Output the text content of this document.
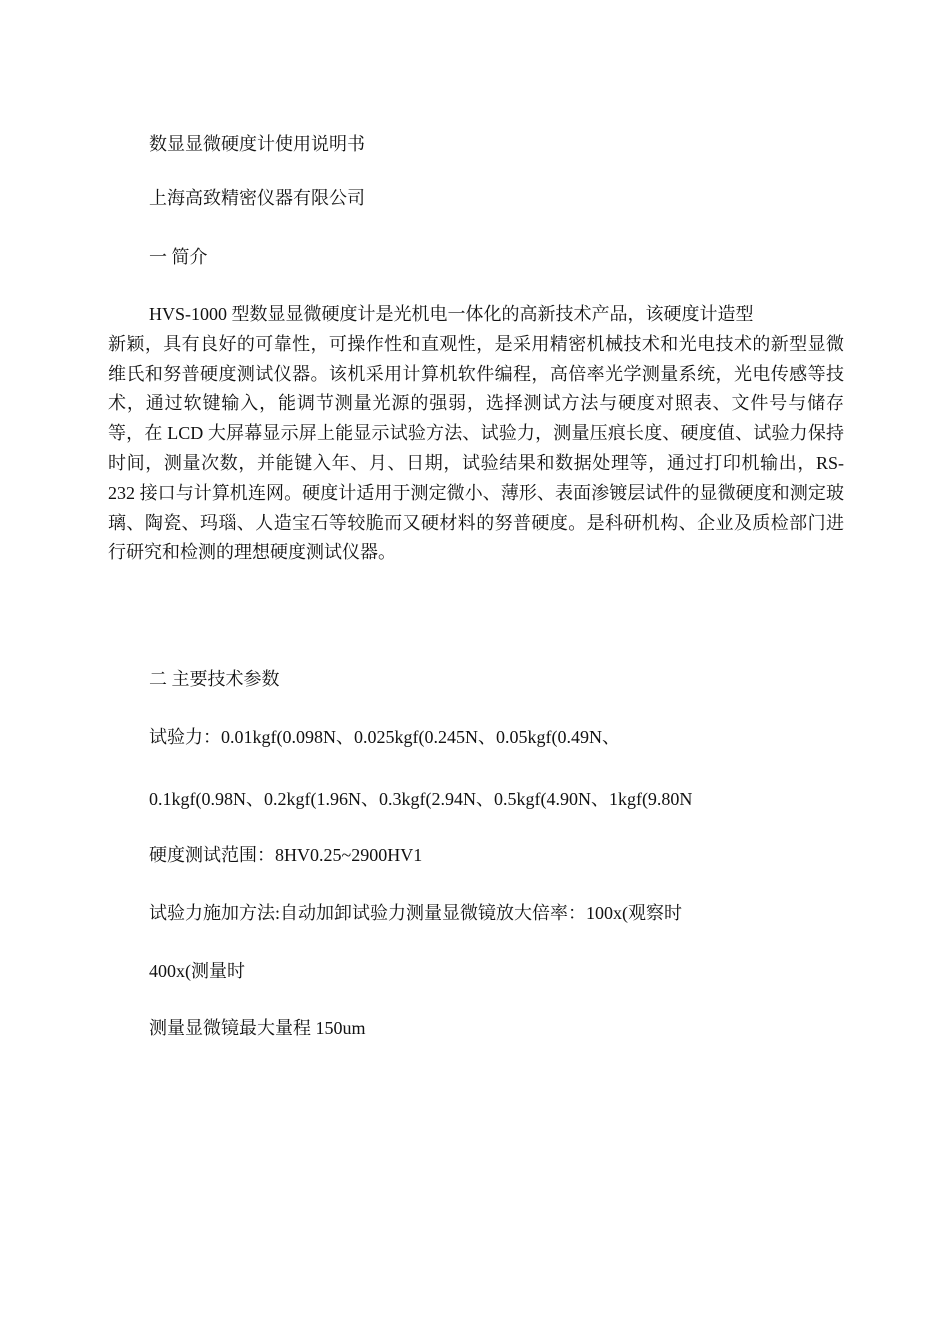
数显显微硬度计使用说明书

上海高致精密仪器有限公司

一 简介

HVS-1000 型数显显微硬度计是光机电一体化的高新技术产品，该硬度计造型
新颖，具有良好的可靠性，可操作性和直观性，是采用精密机械技术和光电技术的新型显微维氏和努普硬度测试仪器。该机采用计算机软件编程，高倍率光学测量系统，光电传感等技术，通过软键输入，能调节测量光源的强弱，选择测试方法与硬度对照表、文件号与储存等，在 LCD 大屏幕显示屏上能显示试验方法、试验力，测量压痕长度、硬度值、试验力保持时间，测量次数，并能键入年、月、日期，试验结果和数据处理等，通过打印机输出，RS-232 接口与计算机连网。硬度计适用于测定微小、薄形、表面渗镀层试件的显微硬度和测定玻璃、陶瓷、玛瑙、人造宝石等较脆而又硬材料的努普硬度。是科研机构、企业及质检部门进行研究和检测的理想硬度测试仪器。

二 主要技术参数

试验力：0.01kgf(0.098N、0.025kgf(0.245N、0.05kgf(0.49N、

0.1kgf(0.98N、0.2kgf(1.96N、0.3kgf(2.94N、0.5kgf(4.90N、1kgf(9.80N

硬度测试范围：8HV0.25~2900HV1

试验力施加方法:自动加卸试验力测量显微镜放大倍率：100x(观察时

400x(测量时

测量显微镜最大量程 150um
